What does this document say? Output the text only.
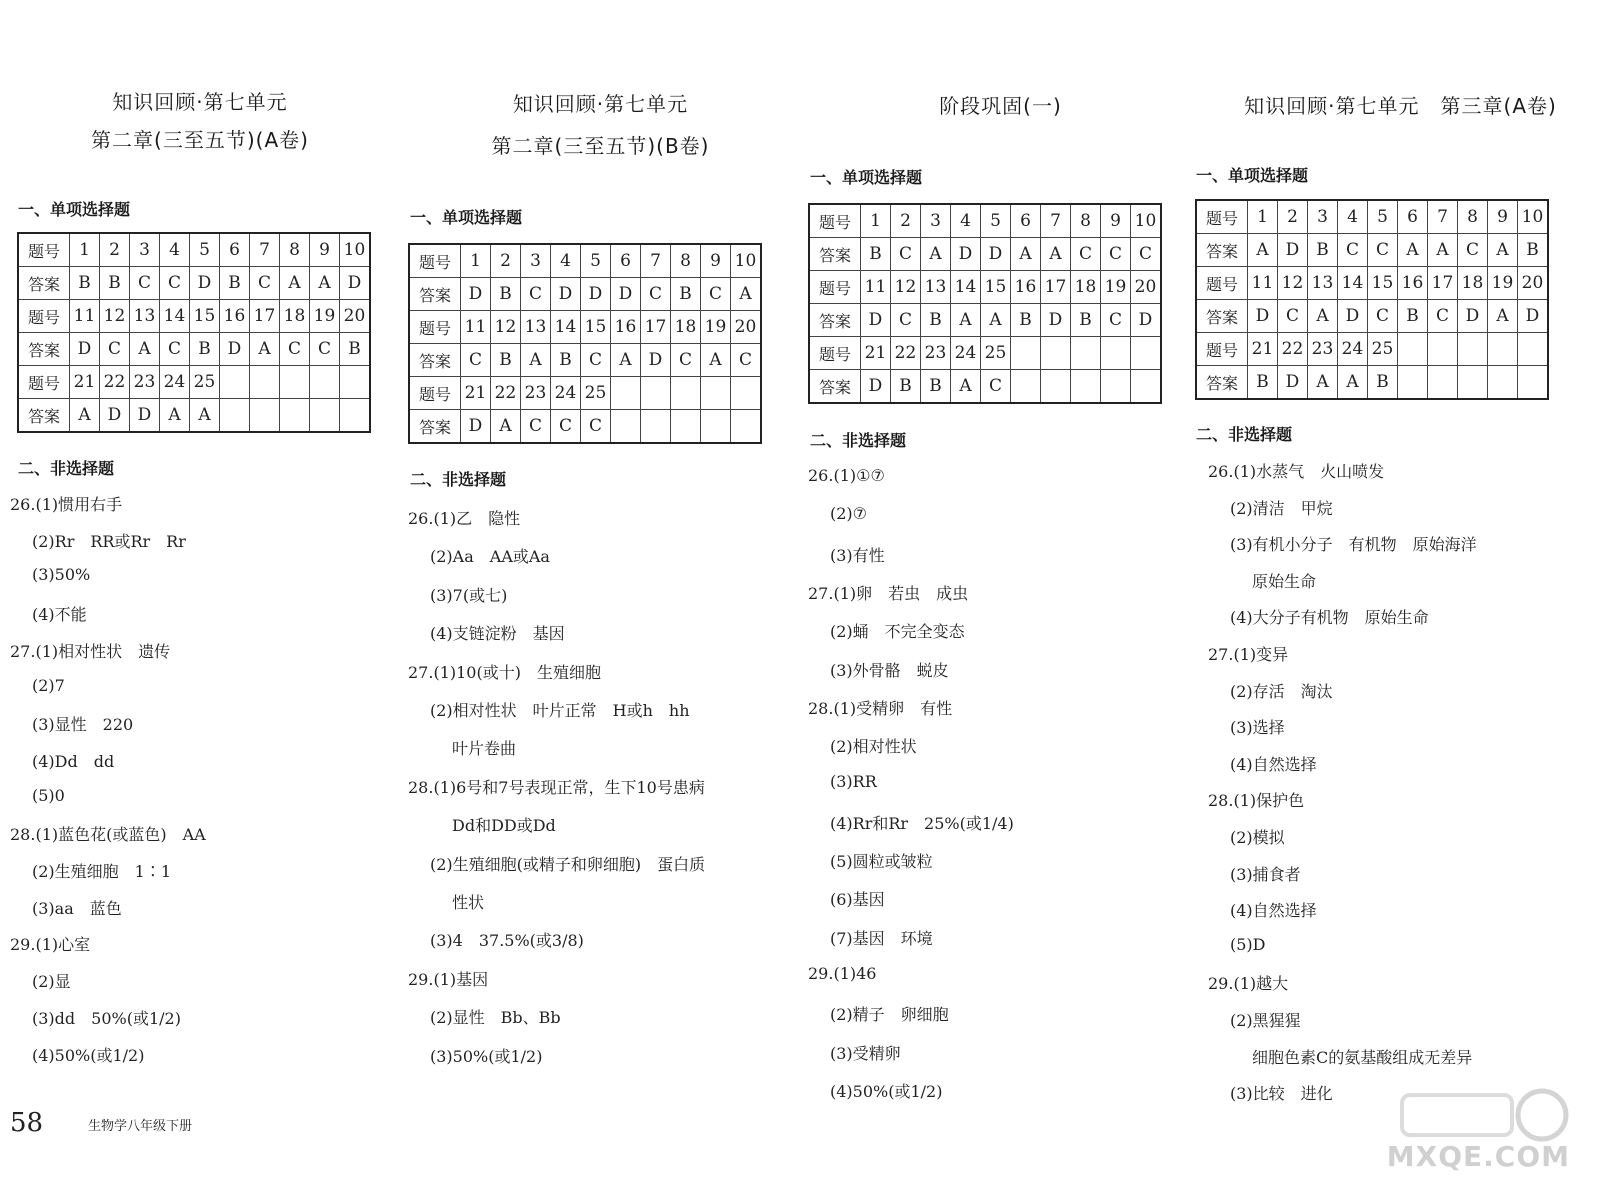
知识回顾·第七单元
第二章(三至五节)(A卷)
一、单项选择题
题号	1	2	3	4	5	6	7	8	9	10
答案	B	B	C	C	D	B	C	A	A	D
题号	11	12	13	14	15	16	17	18	19	20
答案	D	C	A	C	B	D	A	C	C	B
题号	21	22	23	24	25					
答案	A	D	D	A	A					
二、非选择题
26.(1)惯用右手
(2)Rr　RR或Rr　Rr
(3)50%
(4)不能
27.(1)相对性状　遗传
(2)7
(3)显性　220
(4)Dd　dd
(5)0
28.(1)蓝色花(或蓝色)　AA
(2)生殖细胞　1∶1
(3)aa　蓝色
29.(1)心室
(2)显
(3)dd　50%(或1/2)
(4)50%(或1/2)
知识回顾·第七单元
第二章(三至五节)(B卷)
一、单项选择题
题号	1	2	3	4	5	6	7	8	9	10
答案	D	B	C	D	D	D	C	B	C	A
题号	11	12	13	14	15	16	17	18	19	20
答案	C	B	A	B	C	A	D	C	A	C
题号	21	22	23	24	25					
答案	D	A	C	C	C					
二、非选择题
26.(1)乙　隐性
(2)Aa　AA或Aa
(3)7(或七)
(4)支链淀粉　基因
27.(1)10(或十)　生殖细胞
(2)相对性状　叶片正常　H或h　hh
叶片卷曲
28.(1)6号和7号表现正常，生下10号患病
Dd和DD或Dd
(2)生殖细胞(或精子和卵细胞)　蛋白质
性状
(3)4　37.5%(或3/8)
29.(1)基因
(2)显性　Bb、Bb
(3)50%(或1/2)
阶段巩固(一)
一、单项选择题
题号	1	2	3	4	5	6	7	8	9	10
答案	B	C	A	D	D	A	A	C	C	C
题号	11	12	13	14	15	16	17	18	19	20
答案	D	C	B	A	A	B	D	B	C	D
题号	21	22	23	24	25					
答案	D	B	B	A	C					
二、非选择题
26.(1)①⑦
(2)⑦
(3)有性
27.(1)卵　若虫　成虫
(2)蛹　不完全变态
(3)外骨骼　蜕皮
28.(1)受精卵　有性
(2)相对性状
(3)RR
(4)Rr和Rr　25%(或1/4)
(5)圆粒或皱粒
(6)基因
(7)基因　环境
29.(1)46
(2)精子　卵细胞
(3)受精卵
(4)50%(或1/2)
知识回顾·第七单元　第三章(A卷)
一、单项选择题
题号	1	2	3	4	5	6	7	8	9	10
答案	A	D	B	C	C	A	A	C	A	B
题号	11	12	13	14	15	16	17	18	19	20
答案	D	C	A	D	C	B	C	D	A	D
题号	21	22	23	24	25					
答案	B	D	A	A	B					
二、非选择题
26.(1)水蒸气　火山喷发
(2)清洁　甲烷
(3)有机小分子　有机物　原始海洋
原始生命
(4)大分子有机物　原始生命
27.(1)变异
(2)存活　淘汰
(3)选择
(4)自然选择
28.(1)保护色
(2)模拟
(3)捕食者
(4)自然选择
(5)D
29.(1)越大
(2)黑猩猩
细胞色素C的氨基酸组成无差异
(3)比较　进化
58	生物学八年级下册
MXQE.COM
